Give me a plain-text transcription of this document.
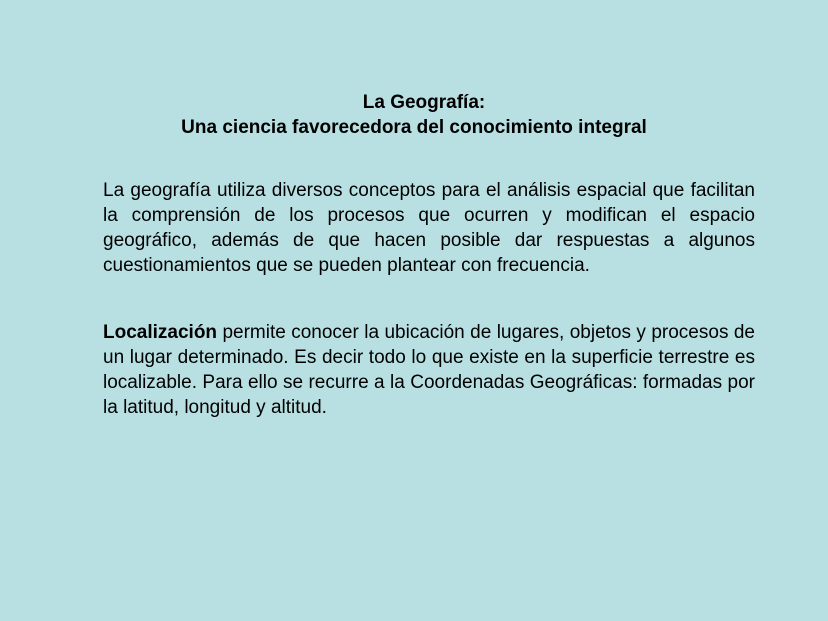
La Geografía:
Una ciencia favorecedora del conocimiento integral

La geografía utiliza diversos conceptos para el análisis espacial que facilitan la comprensión de los procesos que ocurren y modifican el espacio geográfico, además de que hacen posible dar respuestas a algunos cuestionamientos que se pueden plantear con frecuencia.

Localización permite conocer la ubicación de lugares, objetos y procesos de un lugar determinado. Es decir todo lo que existe en la superficie terrestre es localizable. Para ello se recurre a la Coordenadas Geográficas: formadas por la latitud, longitud y altitud.
